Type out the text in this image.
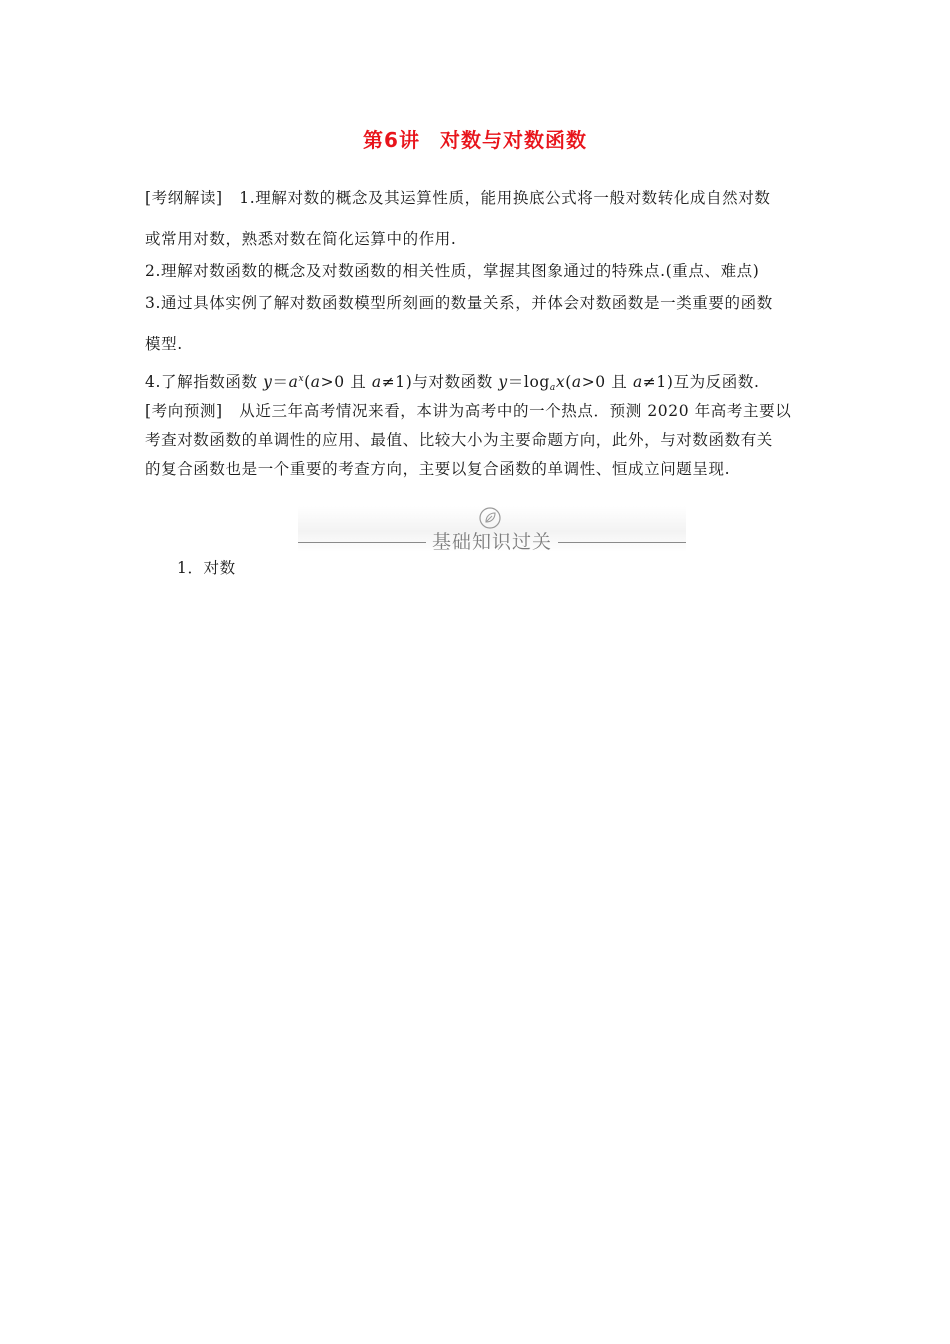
第6讲 对数与对数函数
[考纲解读] 1.理解对数的概念及其运算性质，能用换底公式将一般对数转化成自然对数
或常用对数，熟悉对数在简化运算中的作用.
2.理解对数函数的概念及对数函数的相关性质，掌握其图象通过的特殊点.(重点、难点)
3.通过具体实例了解对数函数模型所刻画的数量关系，并体会对数函数是一类重要的函数
模型.
4.了解指数函数 $y=a^x(a>0$ 且 a≠1)与对数函数 $y=\log_ax(a>0$ 且 a≠1)互为反函数.
[考向预测] 从近三年高考情况来看，本讲为高考中的一个热点．预测 2020 年高考主要以
考查对数函数的单调性的应用、最值、比较大小为主要命题方向，此外，与对数函数有关
的复合函数也是一个重要的考查方向，主要以复合函数的单调性、恒成立问题呈现.
基础知识过关
1．对数
